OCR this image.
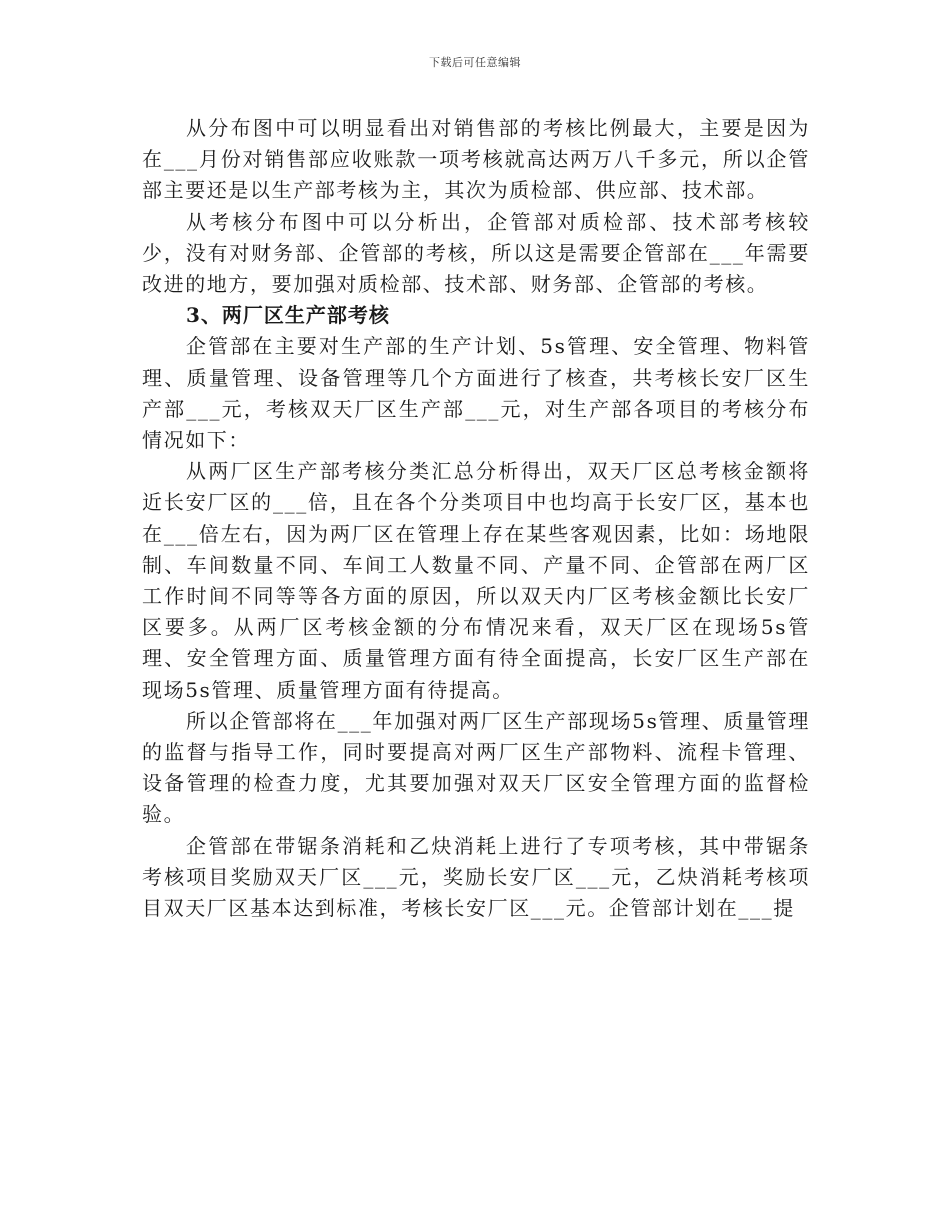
下载后可任意编辑

从分布图中可以明显看出对销售部的考核比例最大，主要是因为在___月份对销售部应收账款一项考核就高达两万八千多元，所以企管部主要还是以生产部考核为主，其次为质检部、供应部、技术部。

从考核分布图中可以分析出，企管部对质检部、技术部考核较少，没有对财务部、企管部的考核，所以这是需要企管部在___年需要改进的地方，要加强对质检部、技术部、财务部、企管部的考核。

3、两厂区生产部考核

企管部在主要对生产部的生产计划、5s管理、安全管理、物料管理、质量管理、设备管理等几个方面进行了核查，共考核长安厂区生产部___元，考核双天厂区生产部___元，对生产部各项目的考核分布情况如下：

从两厂区生产部考核分类汇总分析得出，双天厂区总考核金额将近长安厂区的___倍，且在各个分类项目中也均高于长安厂区，基本也在___倍左右，因为两厂区在管理上存在某些客观因素，比如：场地限制、车间数量不同、车间工人数量不同、产量不同、企管部在两厂区工作时间不同等等各方面的原因，所以双天内厂区考核金额比长安厂区要多。从两厂区考核金额的分布情况来看，双天厂区在现场5s管理、安全管理方面、质量管理方面有待全面提高，长安厂区生产部在现场5s管理、质量管理方面有待提高。

所以企管部将在___年加强对两厂区生产部现场5s管理、质量管理的监督与指导工作，同时要提高对两厂区生产部物料、流程卡管理、设备管理的检查力度，尤其要加强对双天厂区安全管理方面的监督检验。

企管部在带锯条消耗和乙炔消耗上进行了专项考核，其中带锯条考核项目奖励双天厂区___元，奖励长安厂区___元，乙炔消耗考核项目双天厂区基本达到标准，考核长安厂区___元。企管部计划在___提
